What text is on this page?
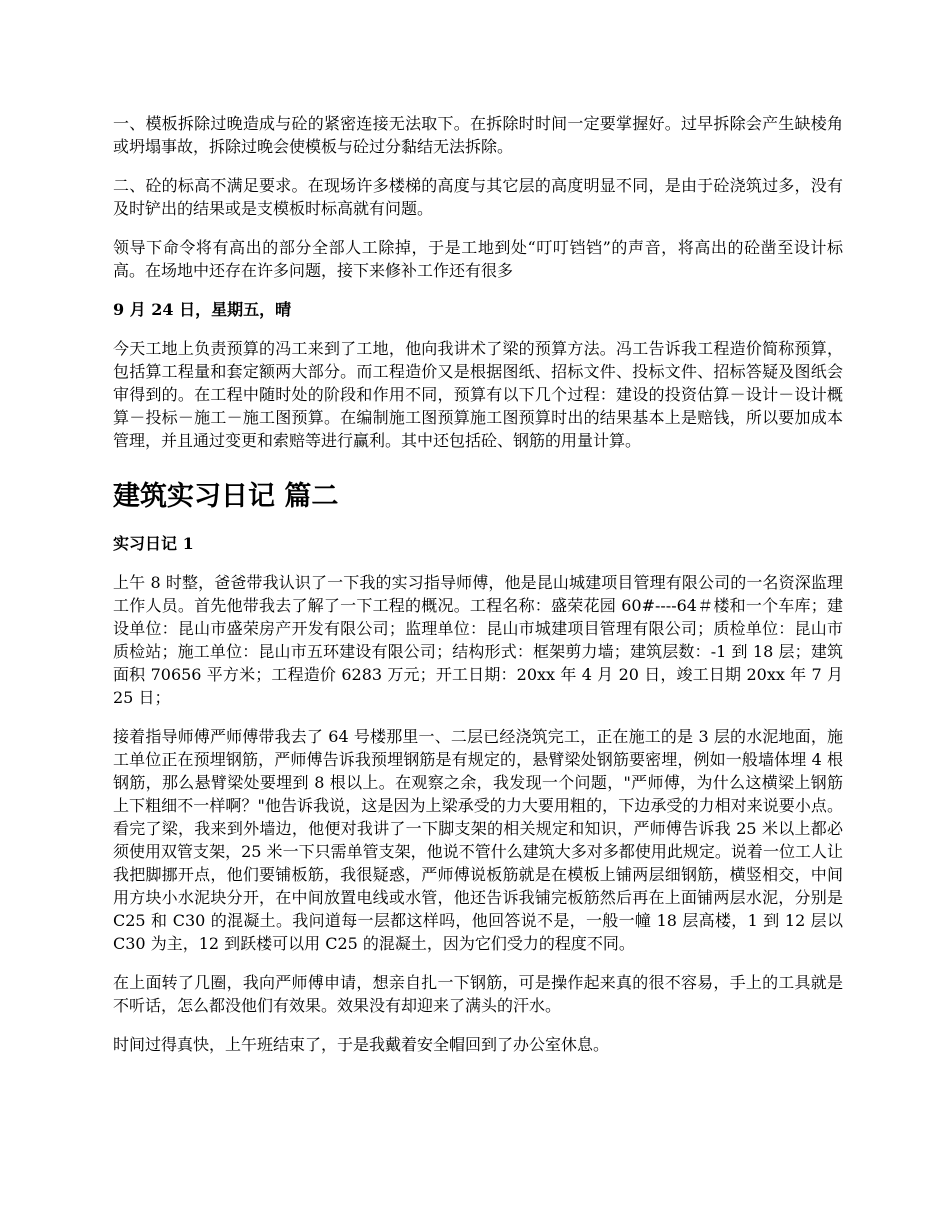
一、模板拆除过晚造成与砼的紧密连接无法取下。在拆除时时间一定要掌握好。过早拆除会产生缺棱角或坍塌事故，拆除过晚会使模板与砼过分黏结无法拆除。

二、砼的标高不满足要求。在现场许多楼梯的高度与其它层的高度明显不同，是由于砼浇筑过多，没有及时铲出的结果或是支模板时标高就有问题。

领导下命令将有高出的部分全部人工除掉，于是工地到处“叮叮铛铛”的声音，将高出的砼凿至设计标高。在场地中还存在许多问题，接下来修补工作还有很多

9 月 24 日，星期五，晴

今天工地上负责预算的冯工来到了工地，他向我讲术了梁的预算方法。冯工告诉我工程造价简称预算，包括算工程量和套定额两大部分。而工程造价又是根据图纸、招标文件、投标文件、招标答疑及图纸会审得到的。在工程中随时处的阶段和作用不同，预算有以下几个过程：建设的投资估算－设计－设计概算－投标－施工－施工图预算。在编制施工图预算施工图预算时出的结果基本上是赔钱，所以要加成本管理，并且通过变更和索赔等进行赢利。其中还包括砼、钢筋的用量计算。

建筑实习日记 篇二

实习日记 1

上午 8 时整，爸爸带我认识了一下我的实习指导师傅，他是昆山城建项目管理有限公司的一名资深监理工作人员。首先他带我去了解了一下工程的概况。工程名称：盛荣花园 60#----64＃楼和一个车库；建设单位：昆山市盛荣房产开发有限公司；监理单位：昆山市城建项目管理有限公司；质检单位：昆山市质检站；施工单位：昆山市五环建设有限公司；结构形式：框架剪力墙；建筑层数：-1 到 18 层；建筑面积 70656 平方米；工程造价 6283 万元；开工日期：20xx 年 4 月 20 日，竣工日期 20xx 年 7 月 25 日；

接着指导师傅严师傅带我去了 64 号楼那里一、二层已经浇筑完工，正在施工的是 3 层的水泥地面，施工单位正在预埋钢筋，严师傅告诉我预埋钢筋是有规定的，悬臂梁处钢筋要密埋，例如一般墙体埋 4 根钢筋，那么悬臂梁处要埋到 8 根以上。在观察之余，我发现一个问题，"严师傅，为什么这横梁上钢筋上下粗细不一样啊？"他告诉我说，这是因为上梁承受的力大要用粗的，下边承受的力相对来说要小点。看完了梁，我来到外墙边，他便对我讲了一下脚支架的相关规定和知识，严师傅告诉我 25 米以上都必须使用双管支架，25 米一下只需单管支架，他说不管什么建筑大多对多都使用此规定。说着一位工人让我把脚挪开点，他们要铺板筋，我很疑惑，严师傅说板筋就是在模板上铺两层细钢筋，横竖相交，中间用方块小水泥块分开，在中间放置电线或水管，他还告诉我铺完板筋然后再在上面铺两层水泥，分别是 C25 和 C30 的混凝土。我问道每一层都这样吗，他回答说不是，一般一幢 18 层高楼，1 到 12 层以 C30 为主，12 到跃楼可以用 C25 的混凝土，因为它们受力的程度不同。

在上面转了几圈，我向严师傅申请，想亲自扎一下钢筋，可是操作起来真的很不容易，手上的工具就是不听话，怎么都没他们有效果。效果没有却迎来了满头的汗水。

时间过得真快，上午班结束了，于是我戴着安全帽回到了办公室休息。
